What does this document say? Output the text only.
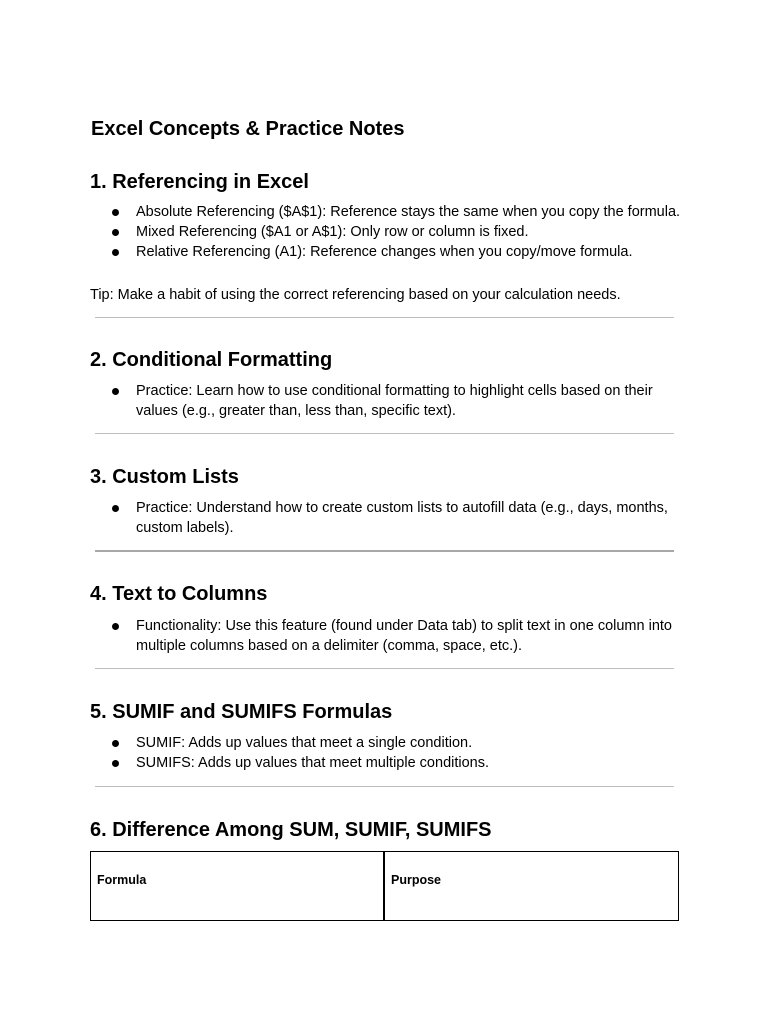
Excel Concepts & Practice Notes
1. Referencing in Excel
Absolute Referencing ($A$1): Reference stays the same when you copy the formula.
Mixed Referencing ($A1 or A$1): Only row or column is fixed.
Relative Referencing (A1): Reference changes when you copy/move formula.
Tip: Make a habit of using the correct referencing based on your calculation needs.
2. Conditional Formatting
Practice: Learn how to use conditional formatting to highlight cells based on their values (e.g., greater than, less than, specific text).
3. Custom Lists
Practice: Understand how to create custom lists to autofill data (e.g., days, months, custom labels).
4. Text to Columns
Functionality: Use this feature (found under Data tab) to split text in one column into multiple columns based on a delimiter (comma, space, etc.).
5. SUMIF and SUMIFS Formulas
SUMIF: Adds up values that meet a single condition.
SUMIFS: Adds up values that meet multiple conditions.
6. Difference Among SUM, SUMIF, SUMIFS
Formula	Purpose
